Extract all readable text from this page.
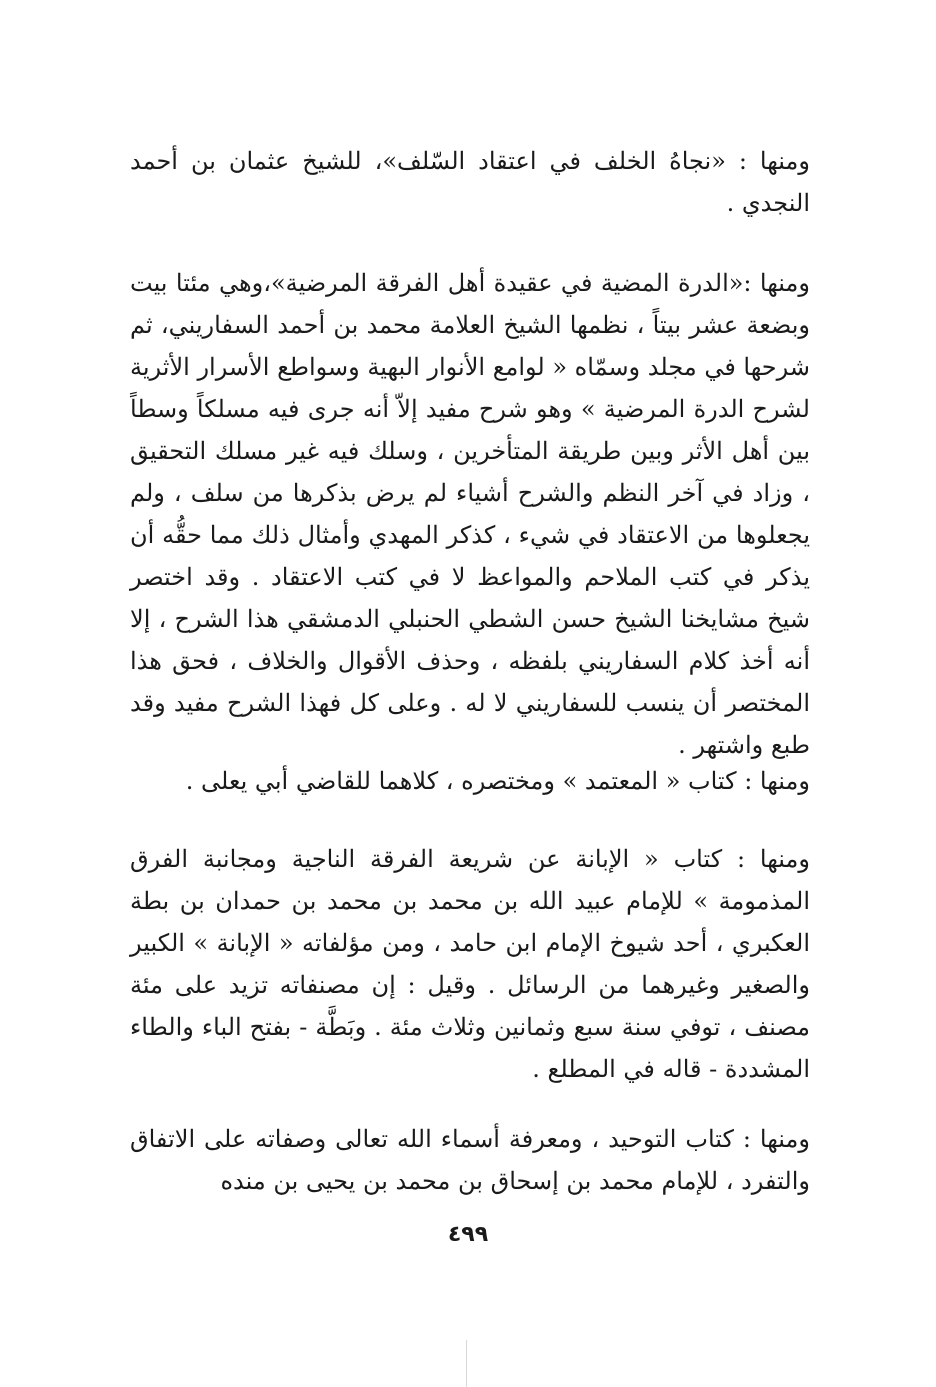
ومنها : «نجاهُ الخلف في اعتقاد السّلف»، للشيخ عثمان بن أحمد النجدي .

ومنها :«الدرة المضية في عقيدة أهل الفرقة المرضية»،وهي مئتا بيت وبضعة عشر بيتاً ، نظمها الشيخ العلامة محمد بن أحمد السفاريني، ثم شرحها في مجلد وسمّاه « لوامع الأنوار البهية وسواطع الأسرار الأثرية لشرح الدرة المرضية » وهو شرح مفيد إلاّ أنه جرى فيه مسلكاً وسطاً بين أهل الأثر وبين طريقة المتأخرين ، وسلك فيه غير مسلك التحقيق ، وزاد في آخر النظم والشرح أشياء لم يرض بذكرها من سلف ، ولم يجعلوها من الاعتقاد في شيء ، كذكر المهدي وأمثال ذلك مما حقُّه أن يذكر في كتب الملاحم والمواعظ لا في كتب الاعتقاد . وقد اختصر شيخ مشايخنا الشيخ حسن الشطي الحنبلي الدمشقي هذا الشرح ، إلا أنه أخذ كلام السفاريني بلفظه ، وحذف الأقوال والخلاف ، فحق هذا المختصر أن ينسب للسفاريني لا له . وعلى كل فهذا الشرح مفيد وقد طبع واشتهر .

ومنها : كتاب « المعتمد » ومختصره ، كلاهما للقاضي أبي يعلى .

ومنها : كتاب « الإبانة عن شريعة الفرقة الناجية ومجانبة الفرق المذمومة » للإمام عبيد الله بن محمد بن محمد بن حمدان بن بطة العكبري ، أحد شيوخ الإمام ابن حامد ، ومن مؤلفاته « الإبانة » الكبير والصغير وغيرهما من الرسائل . وقيل : إن مصنفاته تزيد على مئة مصنف ، توفي سنة سبع وثمانين وثلاث مئة . وبَطَّة - بفتح الباء والطاء المشددة - قاله في المطلع .

ومنها : كتاب التوحيد ، ومعرفة أسماء الله تعالى وصفاته على الاتفاق والتفرد ، للإمام محمد بن إسحاق بن محمد بن يحيى بن منده

٤٩٩
